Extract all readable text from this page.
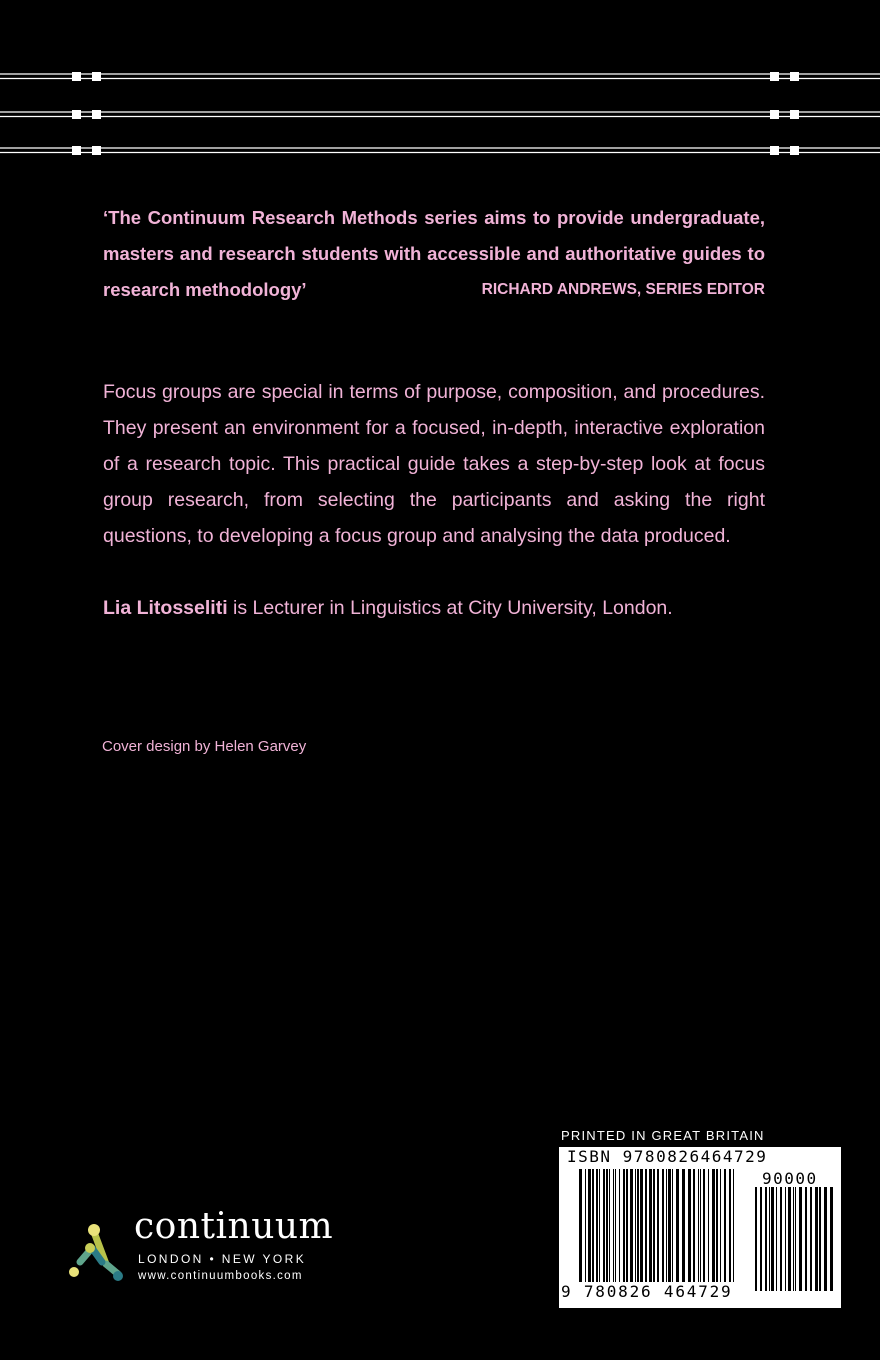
‘The Continuum Research Methods series aims to provide undergraduate,
masters and research students with accessible and authoritative guides to
research methodology’	RICHARD ANDREWS, SERIES EDITOR
Focus groups are special in terms of purpose, composition, and procedures. They present an environment for a focused, in-depth, interactive exploration of a research topic. This practical guide takes a step-by-step look at focus group research, from selecting the participants and asking the right questions, to developing a focus group and analysing the data produced.
Lia Litosseliti is Lecturer in Linguistics at City University, London.
Cover design by Helen Garvey
continuum
LONDON • NEW YORK
www.continuumbooks.com
PRINTED IN GREAT BRITAIN
ISBN 9780826464729
90000
9 780826 464729
